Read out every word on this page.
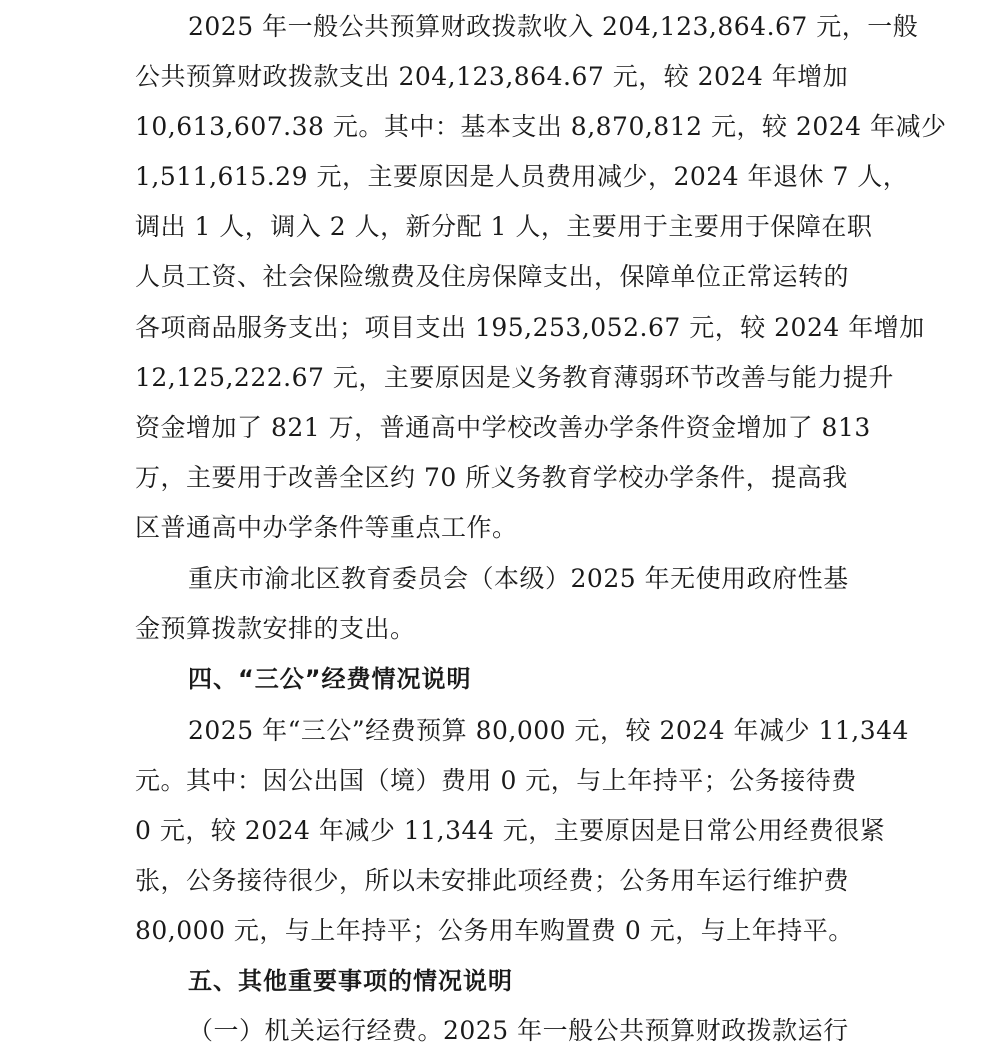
2025 年一般公共预算财政拨款收入 204,123,864.67 元，一般
公共预算财政拨款支出 204,123,864.67 元，较 2024 年增加
10,613,607.38 元。其中：基本支出 8,870,812 元，较 2024 年减少
1,511,615.29 元，主要原因是人员费用减少，2024 年退休 7 人，
调出 1 人，调入 2 人，新分配 1 人，主要用于主要用于保障在职
人员工资、社会保险缴费及住房保障支出，保障单位正常运转的
各项商品服务支出；项目支出 195,253,052.67 元，较 2024 年增加
12,125,222.67 元，主要原因是义务教育薄弱环节改善与能力提升
资金增加了 821 万，普通高中学校改善办学条件资金增加了 813
万，主要用于改善全区约 70 所义务教育学校办学条件，提高我
区普通高中办学条件等重点工作。
重庆市渝北区教育委员会（本级）2025 年无使用政府性基
金预算拨款安排的支出。
四、“三公”经费情况说明
2025 年“三公”经费预算 80,000 元，较 2024 年减少 11,344
元。其中：因公出国（境）费用 0 元，与上年持平；公务接待费
0 元，较 2024 年减少 11,344 元，主要原因是日常公用经费很紧
张，公务接待很少，所以未安排此项经费；公务用车运行维护费
80,000 元，与上年持平；公务用车购置费 0 元，与上年持平。
五、其他重要事项的情况说明
（一）机关运行经费。2025 年一般公共预算财政拨款运行
